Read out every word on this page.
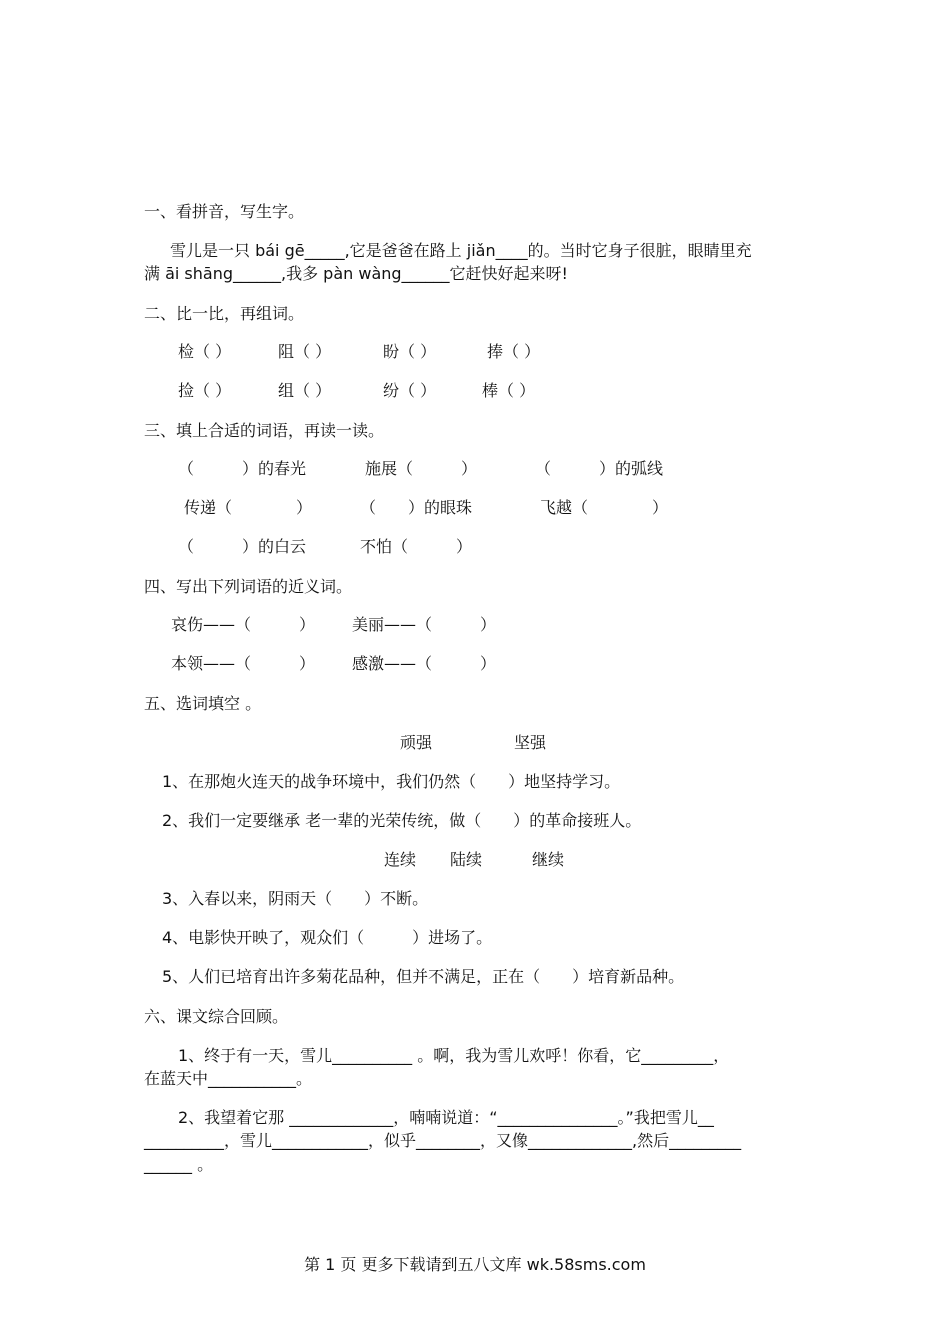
一、看拼音，写生字。
雪儿是一只 bái gē_____,它是爸爸在路上 jiǎn____的。当时它身子很脏，眼睛里充
满 āi shāng______,我多 pàn wàng______它赶快好起来呀!
二、比一比，再组词。
检（ ）	阻（ ）	盼（ ）	捧（ ）
捡（ ）	组（ ）	纷（ ）	棒（ ）
三、填上合适的词语，再读一读。
（　　　）的春光	施展（　　　）	（　　　）的弧线
传递（　　　　）	（　　）的眼珠	飞越（　　　　）
（　　　）的白云	不怕（　　　）
四、写出下列词语的近义词。
哀伤——（　　　） 美丽——（　　　）
本领——（　　　） 感激——（　　　）
五、选词填空 。
顽强	坚强
1、在那炮火连天的战争环境中，我们仍然（　　）地坚持学习。
2、我们一定要继承 老一辈的光荣传统，做（　　）的革命接班人。
连续 陆续	继续
3、入春以来，阴雨天（　　）不断。
4、电影快开映了，观众们（　　　）进场了。
5、人们已培育出许多菊花品种，但并不满足，正在（　　）培育新品种。
六、课文综合回顾。
1、终于有一天，雪儿__________ 。啊，我为雪儿欢呼！你看，它_________，
在蓝天中___________。
2、我望着它那 _____________，喃喃说道：“_______________。”我把雪儿__
__________，雪儿____________，似乎________，又像_____________,然后_________
______ 。
第 1 页 更多下载请到五八文库 wk.58sms.com
